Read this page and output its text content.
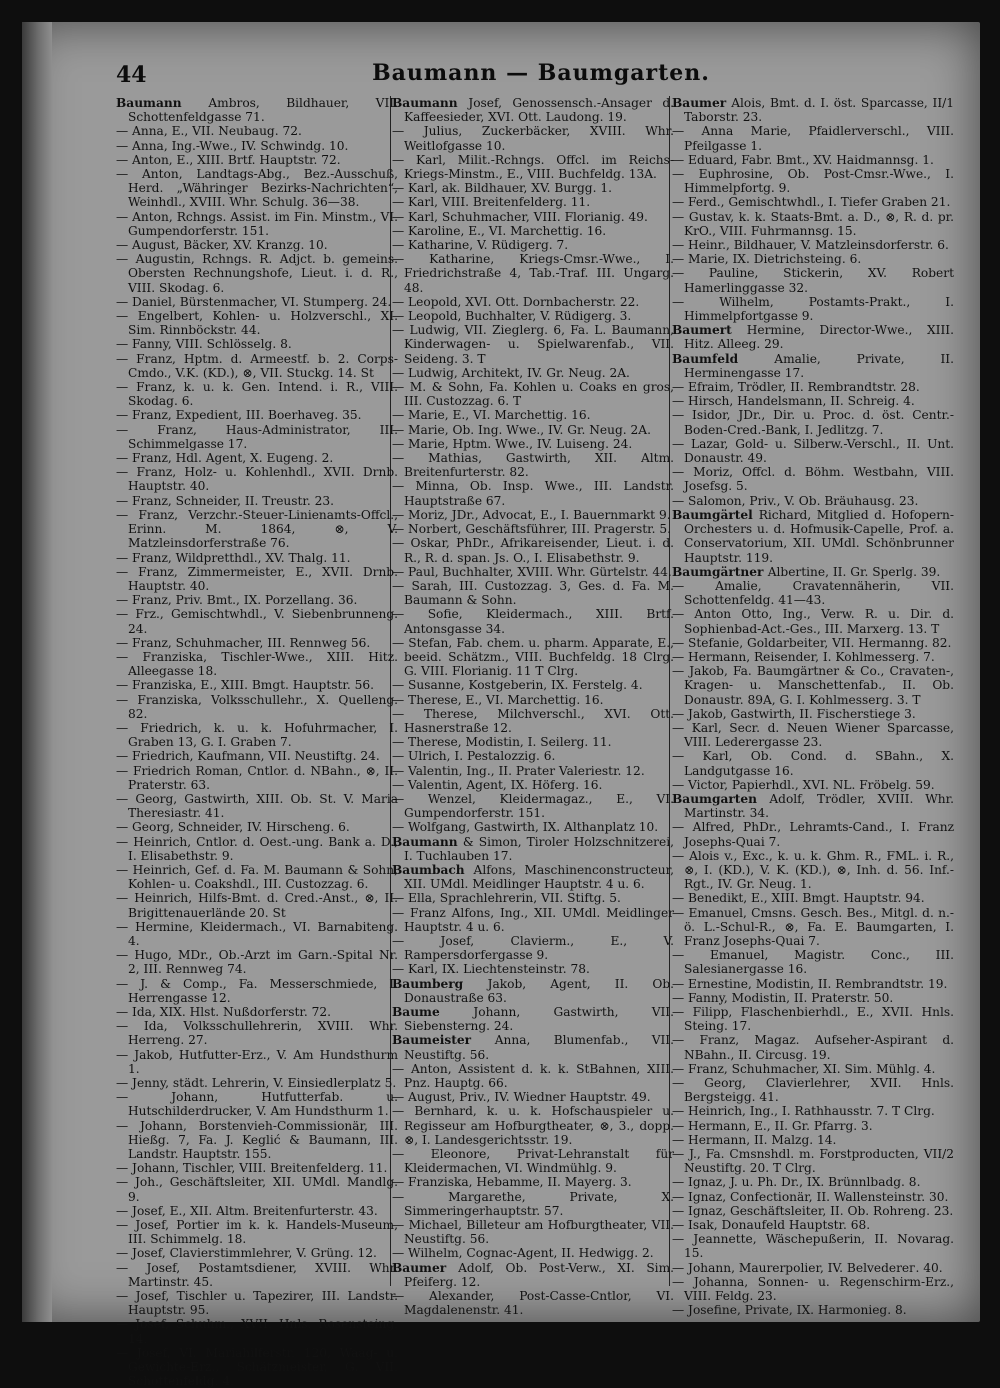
44	Baumann — Baumgarten.

Baumann Ambros, Bildhauer, VII. Schottenfeldgasse 71.

— Anna, E., VII. Neubaug. 72.

— Anna, Ing.-Wwe., IV. Schwindg. 10.

— Anton, E., XIII. Brtf. Hauptstr. 72.

— Anton, Landtags-Abg., Bez.-Ausschuß, Herd. „Währinger Bezirks-Nachrichten“, Weinhdl., XVIII. Whr. Schulg. 36—38.

— Anton, Rchngs. Assist. im Fin. Minstm., VI. Gumpendorferstr. 151.

— August, Bäcker, XV. Kranzg. 10.

— Augustin, Rchngs. R. Adjct. b. gemeins. Obersten Rechnungshofe, Lieut. i. d. R., VIII. Skodag. 6.

— Daniel, Bürstenmacher, VI. Stumperg. 24.

— Engelbert, Kohlen- u. Holzverschl., XI. Sim. Rinnböckstr. 44.

— Fanny, VIII. Schlösselg. 8.

— Franz, Hptm. d. Armeestf. b. 2. Corps-Cmdo., V.K. (KD.), ⊗, VII. Stuckg. 14. St

— Franz, k. u. k. Gen. Intend. i. R., VIII. Skodag. 6.

— Franz, Expedient, III. Boerhaveg. 35.

— Franz, Haus-Administrator, III. Schimmelgasse 17.

— Franz, Hdl. Agent, X. Eugeng. 2.

— Franz, Holz- u. Kohlenhdl., XVII. Drnb. Hauptstr. 40.

— Franz, Schneider, II. Treustr. 23.

— Franz, Verzchr.-Steuer-Linienamts-Offcl., Erinn. M. 1864, ⊗, V. Matzleinsdorferstraße 76.

— Franz, Wildpretthdl., XV. Thalg. 11.

— Franz, Zimmermeister, E., XVII. Drnb. Hauptstr. 40.

— Franz, Priv. Bmt., IX. Porzellang. 36.

— Frz., Gemischtwhdl., V. Siebenbrunneng. 24.

— Franz, Schuhmacher, III. Rennweg 56.

— Franziska, Tischler-Wwe., XIII. Hitz. Alleegasse 18.

— Franziska, E., XIII. Bmgt. Hauptstr. 56.

— Franziska, Volksschullehr., X. Quelleng. 82.

— Friedrich, k. u. k. Hofuhrmacher, I. Graben 13, G. I. Graben 7.

— Friedrich, Kaufmann, VII. Neustiftg. 24.

— Friedrich Roman, Cntlor. d. NBahn., ⊗, II. Praterstr. 63.

— Georg, Gastwirth, XIII. Ob. St. V. Maria Theresiastr. 41.

— Georg, Schneider, IV. Hirscheng. 6.

— Heinrich, Cntlor. d. Oest.-ung. Bank a. D., I. Elisabethstr. 9.

— Heinrich, Gef. d. Fa. M. Baumann & Sohn, Kohlen- u. Coakshdl., III. Custozzag. 6.

— Heinrich, Hilfs-Bmt. d. Cred.-Anst., ⊗, II. Brigittenauerlände 20. St

— Hermine, Kleidermach., VI. Barnabiteng. 4.

— Hugo, MDr., Ob.-Arzt im Garn.-Spital Nr. 2, III. Rennweg 74.

— J. & Comp., Fa. Messerschmiede, I. Herrengasse 12.

— Ida, XIX. Hlst. Nußdorferstr. 72.

— Ida, Volksschullehrerin, XVIII. Whr. Herreng. 27.

— Jakob, Hutfutter-Erz., V. Am Hundsthurm 1.

— Jenny, städt. Lehrerin, V. Einsiedlerplatz 5.

— Johann, Hutfutterfab. u. Hutschilderdrucker, V. Am Hundsthurm 1.

— Johann, Borstenvieh-Commissionär, III. Hießg. 7, Fa. J. Keglić & Baumann, III. Landstr. Hauptstr. 155.

— Johann, Tischler, VIII. Breitenfelderg. 11.

— Joh., Geschäftsleiter, XII. UMdl. Mandlg. 9.

— Josef, E., XII. Altm. Breitenfurterstr. 43.

— Josef, Portier im k. k. Handels-Museum, III. Schimmelg. 18.

— Josef, Clavierstimmlehrer, V. Grüng. 12.

— Josef, Postamtsdiener, XVIII. Whr. Martinstr. 45.

— Josef, Tischler u. Tapezirer, III. Landstr. Hauptstr. 95.

— Josef, Schuhm., XVII. Hnls. Rosensteing. 14.

— Josef, VI. Mariahilferstr. 120, Waag- u. Gewichte-Erz., Schätzmeister, G. VII. Schottenfeldg. 4.

Baumann Josef, Genossensch.-Ansager d. Kaffeesieder, XVI. Ott. Laudong. 19.

— Julius, Zuckerbäcker, XVIII. Whr. Weitlofgasse 10.

— Karl, Milit.-Rchngs. Offcl. im Reichs-Kriegs-Minstm., E., VIII. Buchfeldg. 13A.

— Karl, ak. Bildhauer, XV. Burgg. 1.

— Karl, VIII. Breitenfelderg. 11.

— Karl, Schuhmacher, VIII. Florianig. 49.

— Karoline, E., VI. Marchettig. 16.

— Katharine, V. Rüdigerg. 7.

— Katharine, Kriegs-Cmsr.-Wwe., I. Friedrichstraße 4, Tab.-Traf. III. Ungarg. 48.

— Leopold, XVI. Ott. Dornbacherstr. 22.

— Leopold, Buchhalter, V. Rüdigerg. 3.

— Ludwig, VII. Zieglerg. 6, Fa. L. Baumann, Kinderwagen- u. Spielwarenfab., VII. Seideng. 3. T

— Ludwig, Architekt, IV. Gr. Neug. 2A.

— M. & Sohn, Fa. Kohlen u. Coaks en gros, III. Custozzag. 6. T

— Marie, E., VI. Marchettig. 16.

— Marie, Ob. Ing. Wwe., IV. Gr. Neug. 2A.

— Marie, Hptm. Wwe., IV. Luiseng. 24.

— Mathias, Gastwirth, XII. Altm. Breitenfurterstr. 82.

— Minna, Ob. Insp. Wwe., III. Landstr. Hauptstraße 67.

— Moriz, JDr., Advocat, E., I. Bauernmarkt 9.

— Norbert, Geschäftsführer, III. Pragerstr. 5.

— Oskar, PhDr., Afrikareisender, Lieut. i. d. R., R. d. span. Js. O., I. Elisabethstr. 9.

— Paul, Buchhalter, XVIII. Whr. Gürtelstr. 44.

— Sarah, III. Custozzag. 3, Ges. d. Fa. M. Baumann & Sohn.

— Sofie, Kleidermach., XIII. Brtf. Antonsgasse 34.

— Stefan, Fab. chem. u. pharm. Apparate, E., beeid. Schätzm., VIII. Buchfeldg. 18 Clrg. G. VIII. Florianig. 11 T Clrg.

— Susanne, Kostgeberin, IX. Ferstelg. 4.

— Therese, E., VI. Marchettig. 16.

— Therese, Milchverschl., XVI. Ott. Hasnerstraße 12.

— Therese, Modistin, I. Seilerg. 11.

— Ulrich, I. Pestalozzig. 6.

— Valentin, Ing., II. Prater Valeriestr. 12.

— Valentin, Agent, IX. Höferg. 16.

— Wenzel, Kleidermagaz., E., VI. Gumpendorferstr. 151.

— Wolfgang, Gastwirth, IX. Althanplatz 10.

Baumann & Simon, Tiroler Holzschnitzerei, I. Tuchlauben 17.

Baumbach Alfons, Maschinenconstructeur, XII. UMdl. Meidlinger Hauptstr. 4 u. 6.

— Ella, Sprachlehrerin, VII. Stiftg. 5.

— Franz Alfons, Ing., XII. UMdl. Meidlinger Hauptstr. 4 u. 6.

— Josef, Clavierm., E., V. Rampersdorfergasse 9.

— Karl, IX. Liechtensteinstr. 78.

Baumberg Jakob, Agent, II. Ob. Donaustraße 63.

Baume Johann, Gastwirth, VII. Siebensterng. 24.

Baumeister Anna, Blumenfab., VII. Neustiftg. 56.

— Anton, Assistent d. k. k. StBahnen, XIII. Pnz. Hauptg. 66.

— August, Priv., IV. Wiedner Hauptstr. 49.

— Bernhard, k. u. k. Hofschauspieler u. Regisseur am Hofburgtheater, ⊗, 3., dopp. ⊗, I. Landesgerichtsstr. 19.

— Eleonore, Privat-Lehranstalt für Kleidermachen, VI. Windmühlg. 9.

— Franziska, Hebamme, II. Mayerg. 3.

— Margarethe, Private, X. Simmeringerhauptstr. 57.

— Michael, Billeteur am Hofburgtheater, VII. Neustiftg. 56.

— Wilhelm, Cognac-Agent, II. Hedwigg. 2.

Baumer Adolf, Ob. Post-Verw., XI. Sim. Pfeiferg. 12.

— Alexander, Post-Casse-Cntlor, VI. Magdalenenstr. 41.

Baumer Alois, Bmt. d. I. öst. Sparcasse, II/1 Taborstr. 23.

— Anna Marie, Pfaidlerverschl., VIII. Pfeilgasse 1.

— Eduard, Fabr. Bmt., XV. Haidmannsg. 1.

— Euphrosine, Ob. Post-Cmsr.-Wwe., I. Himmelpfortg. 9.

— Ferd., Gemischtwhdl., I. Tiefer Graben 21.

— Gustav, k. k. Staats-Bmt. a. D., ⊗, R. d. pr. KrO., VIII. Fuhrmannsg. 15.

— Heinr., Bildhauer, V. Matzleinsdorferstr. 6.

— Marie, IX. Dietrichsteing. 6.

— Pauline, Stickerin, XV. Robert Hamerlinggasse 32.

— Wilhelm, Postamts-Prakt., I. Himmelpfortgasse 9.

Baumert Hermine, Director-Wwe., XIII. Hitz. Alleeg. 29.

Baumfeld Amalie, Private, II. Herminengasse 17.

— Efraim, Trödler, II. Rembrandtstr. 28.

— Hirsch, Handelsmann, II. Schreig. 4.

— Isidor, JDr., Dir. u. Proc. d. öst. Centr.-Boden-Cred.-Bank, I. Jedlitzg. 7.

— Lazar, Gold- u. Silberw.-Verschl., II. Unt. Donaustr. 49.

— Moriz, Offcl. d. Böhm. Westbahn, VIII. Josefsg. 5.

— Salomon, Priv., V. Ob. Bräuhausg. 23.

Baumgärtel Richard, Mitglied d. Hofopern-Orchesters u. d. Hofmusik-Capelle, Prof. a. Conservatorium, XII. UMdl. Schönbrunner Hauptstr. 119.

Baumgärtner Albertine, II. Gr. Sperlg. 39.

— Amalie, Cravatennäherin, VII. Schottenfeldg. 41—43.

— Anton Otto, Ing., Verw. R. u. Dir. d. Sophienbad-Act.-Ges., III. Marxerg. 13. T

— Stefanie, Goldarbeiter, VII. Hermanng. 82.

— Hermann, Reisender, I. Kohlmesserg. 7.

— Jakob, Fa. Baumgärtner & Co., Cravaten-, Kragen- u. Manschettenfab., II. Ob. Donaustr. 89A, G. I. Kohlmesserg. 3. T

— Jakob, Gastwirth, II. Fischerstiege 3.

— Karl, Secr. d. Neuen Wiener Sparcasse, VIII. Lederergasse 23.

— Karl, Ob. Cond. d. SBahn., X. Landgutgasse 16.

— Victor, Papierhdl., XVI. NL. Fröbelg. 59.

Baumgarten Adolf, Trödler, XVIII. Whr. Martinstr. 34.

— Alfred, PhDr., Lehramts-Cand., I. Franz Josephs-Quai 7.

— Alois v., Exc., k. u. k. Ghm. R., FML. i. R., ⊗, I. (KD.), V. K. (KD.), ⊗, Inh. d. 56. Inf.-Rgt., IV. Gr. Neug. 1.

— Benedikt, E., XIII. Bmgt. Hauptstr. 94.

— Emanuel, Cmsns. Gesch. Bes., Mitgl. d. n.-ö. L.-Schul-R., ⊗, Fa. E. Baumgarten, I. Franz Josephs-Quai 7.

— Emanuel, Magistr. Conc., III. Salesianergasse 16.

— Ernestine, Modistin, II. Rembrandtstr. 19.

— Fanny, Modistin, II. Praterstr. 50.

— Filipp, Flaschenbierhdl., E., XVII. Hnls. Steing. 17.

— Franz, Magaz. Aufseher-Aspirant d. NBahn., II. Circusg. 19.

— Franz, Schuhmacher, XI. Sim. Mühlg. 4.

— Georg, Clavierlehrer, XVII. Hnls. Bergsteigg. 41.

— Heinrich, Ing., I. Rathhausstr. 7. T Clrg.

— Hermann, E., II. Gr. Pfarrg. 3.

— Hermann, II. Malzg. 14.

— J., Fa. Cmsnshdl. m. Forstproducten, VII/2 Neustiftg. 20. T Clrg.

— Ignaz, J. u. Ph. Dr., IX. Brünnlbadg. 8.

— Ignaz, Confectionär, II. Wallensteinstr. 30.

— Ignaz, Geschäftsleiter, II. Ob. Rohreng. 23.

— Isak, Donaufeld Hauptstr. 68.

— Jeannette, Wäschepußerin, II. Novarag. 15.

— Johann, Maurerpolier, IV. Belvederег. 40.

— Johanna, Sonnen- u. Regenschirm-Erz., VIII. Feldg. 23.

— Josefine, Private, IX. Harmonieg. 8.
